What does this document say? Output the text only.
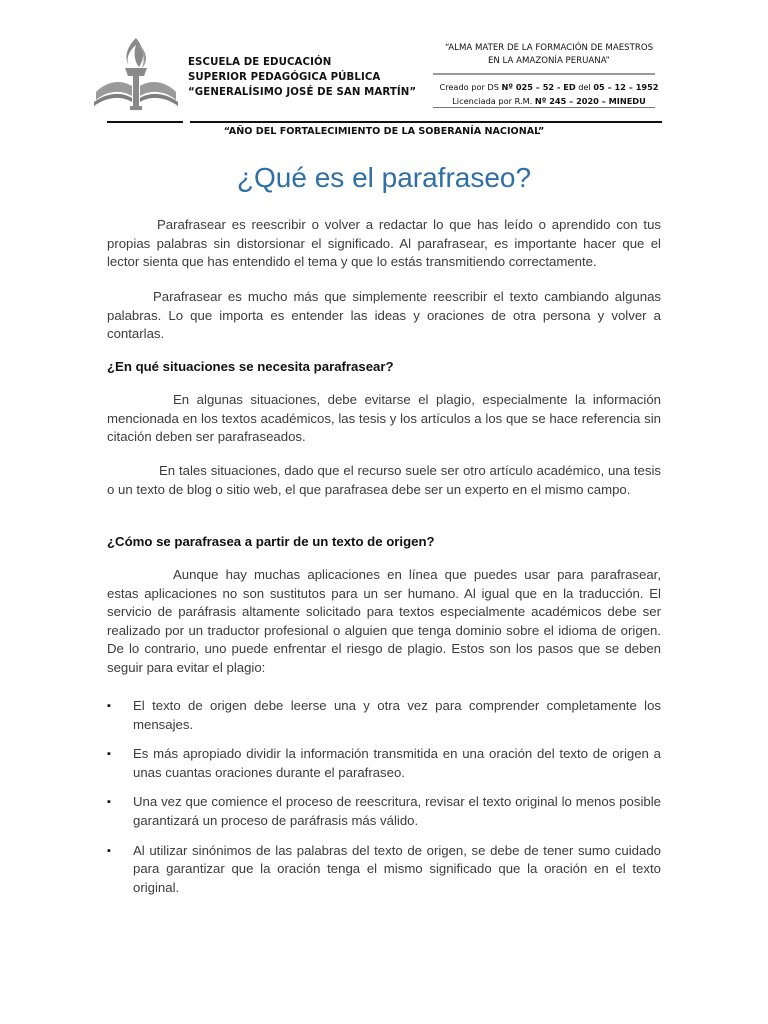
ESCUELA DE EDUCACIÓN
SUPERIOR PEDAGÓGICA PÚBLICA
“GENERALÍSIMO JOSÉ DE SAN MARTÍN”
“ALMA MATER DE LA FORMACIÓN DE MAESTROS
EN LA AMAZONÍA PERUANA”
Creado por DS Nº 025 – 52 - ED del 05 – 12 – 1952
Licenciada por R.M. Nº 245 – 2020 – MINEDU
“AÑO DEL FORTALECIMIENTO DE LA SOBERANÍA NACIONAL”
¿Qué es el parafraseo?

Parafrasear es reescribir o volver a redactar lo que has leído o aprendido con tus propias palabras sin distorsionar el significado. Al parafrasear, es importante hacer que el lector sienta que has entendido el tema y que lo estás transmitiendo correctamente.

Parafrasear es mucho más que simplemente reescribir el texto cambiando algunas palabras. Lo que importa es entender las ideas y oraciones de otra persona y volver a contarlas.

¿En qué situaciones se necesita parafrasear?

En algunas situaciones, debe evitarse el plagio, especialmente la información mencionada en los textos académicos, las tesis y los artículos a los que se hace referencia sin citación deben ser parafraseados.

En tales situaciones, dado que el recurso suele ser otro artículo académico, una tesis o un texto de blog o sitio web, el que parafrasea debe ser un experto en el mismo campo.

¿Cómo se parafrasea a partir de un texto de origen?

Aunque hay muchas aplicaciones en línea que puedes usar para parafrasear, estas aplicaciones no son sustitutos para un ser humano. Al igual que en la traducción. El servicio de paráfrasis altamente solicitado para textos especialmente académicos debe ser realizado por un traductor profesional o alguien que tenga dominio sobre el idioma de origen. De lo contrario, uno puede enfrentar el riesgo de plagio. Estos son los pasos que se deben seguir para evitar el plagio:

▪ El texto de origen debe leerse una y otra vez para comprender completamente los mensajes.
▪ Es más apropiado dividir la información transmitida en una oración del texto de origen a unas cuantas oraciones durante el parafraseo.
▪ Una vez que comience el proceso de reescritura, revisar el texto original lo menos posible garantizará un proceso de paráfrasis más válido.
▪ Al utilizar sinónimos de las palabras del texto de origen, se debe de tener sumo cuidado para garantizar que la oración tenga el mismo significado que la oración en el texto original.
